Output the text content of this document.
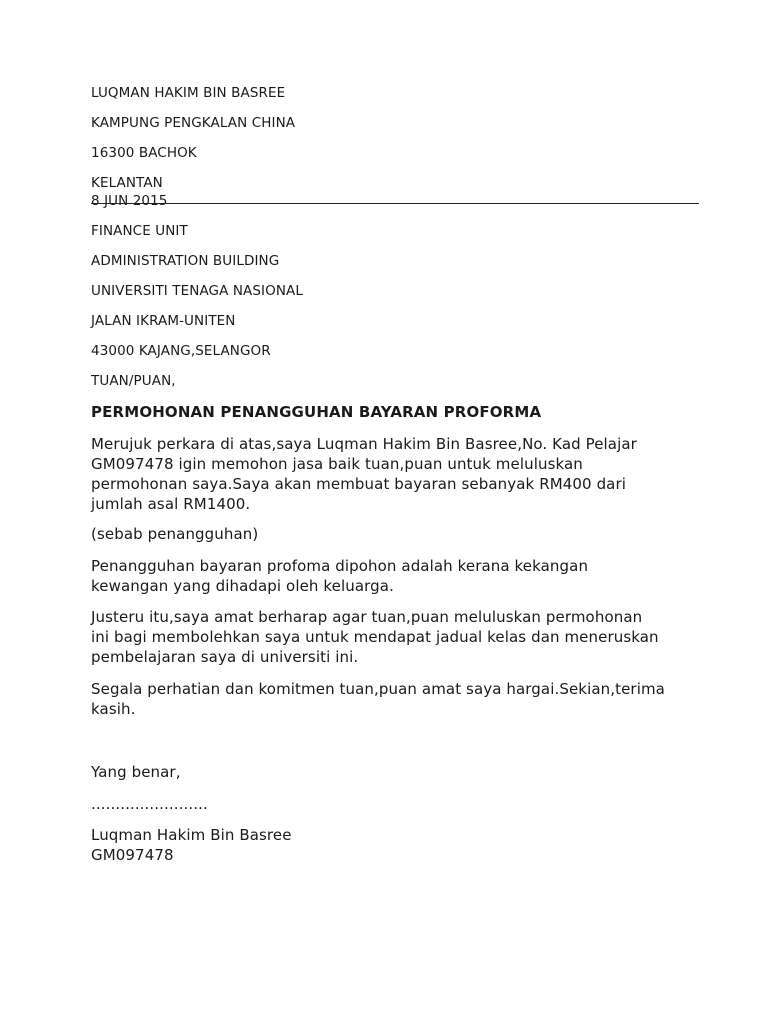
LUQMAN HAKIM BIN BASREE
KAMPUNG PENGKALAN CHINA
16300 BACHOK
KELANTAN
8 JUN 2015
FINANCE UNIT
ADMINISTRATION BUILDING
UNIVERSITI TENAGA NASIONAL
JALAN IKRAM-UNITEN
43000 KAJANG,SELANGOR
TUAN/PUAN,
PERMOHONAN PENANGGUHAN BAYARAN PROFORMA
Merujuk perkara di atas,saya Luqman Hakim Bin Basree,No. Kad Pelajar
GM097478 igin memohon jasa baik tuan,puan untuk meluluskan
permohonan saya.Saya akan membuat bayaran sebanyak RM400 dari
jumlah asal RM1400.
(sebab penangguhan)
Penangguhan bayaran profoma dipohon adalah kerana kekangan
kewangan yang dihadapi oleh keluarga.
Justeru itu,saya amat berharap agar tuan,puan meluluskan permohonan
ini bagi membolehkan saya untuk mendapat jadual kelas dan meneruskan
pembelajaran saya di universiti ini.
Segala perhatian dan komitmen tuan,puan amat saya hargai.Sekian,terima
kasih.
Yang benar,
........................
Luqman Hakim Bin Basree
GM097478
